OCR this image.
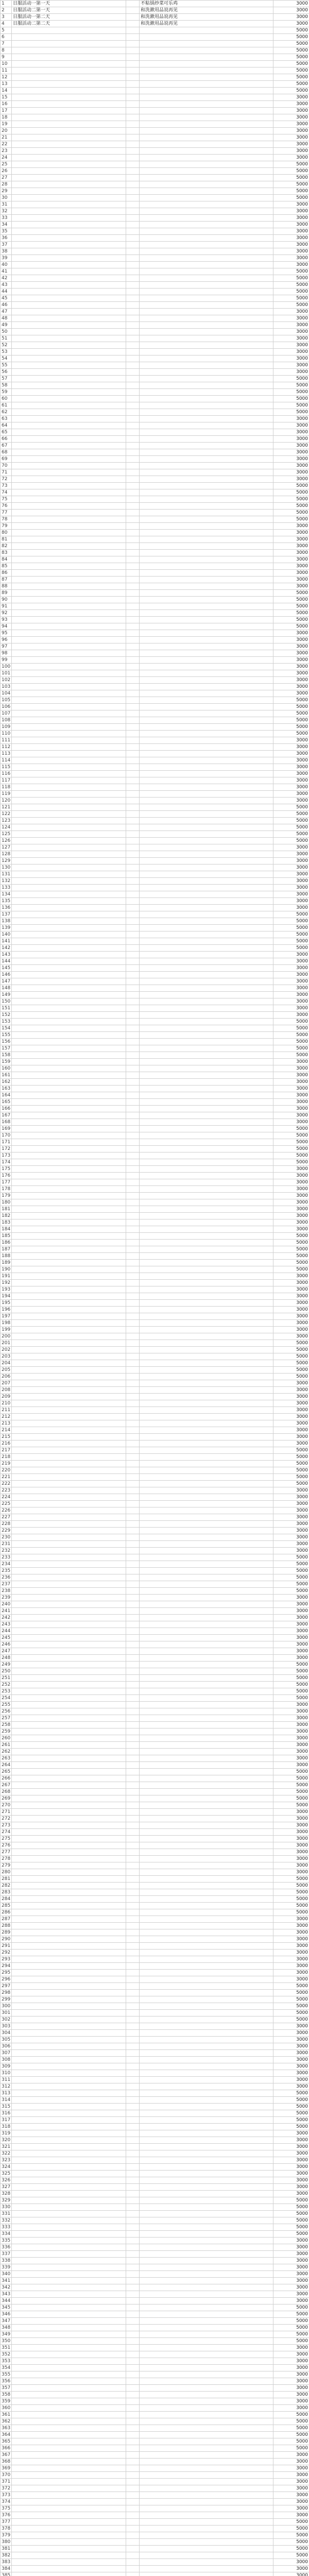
1	日服活动一第一天		不粘锅炒菜可乐鸡	3000
2	日服活动二第一天		和洗漱用品说再见	3000
3	日服活动一第二天		和洗漱用品说再见	3000
4	日服活动二第二天		和洗漱用品说再见	3000
5				5000
6				5000
7				5000
8				5000
9				5000
10				5000
11				5000
12				5000
13				5000
14				5000
15				3000
16				3000
17				3000
18				3000
19				3000
20				3000
21				3000
22				3000
23				3000
24				3000
25				5000
26				5000
27				5000
28				5000
29				5000
30				5000
31				3000
32				3000
33				3000
34				3000
35				3000
36				3000
37				3000
38				3000
39				3000
40				3000
41				5000
42				5000
43				5000
44				5000
45				5000
46				5000
47				3000
48				3000
49				3000
50				3000
51				3000
52				3000
53				3000
54				3000
55				3000
56				3000
57				5000
58				5000
59				5000
60				5000
61				5000
62				5000
63				3000
64				3000
65				3000
66				3000
67				3000
68				3000
69				3000
70				3000
71				3000
72				3000
73				5000
74				5000
75				5000
76				5000
77				5000
78				5000
79				3000
80				3000
81				3000
82				3000
83				3000
84				3000
85				3000
86				3000
87				3000
88				3000
89				5000
90				5000
91				5000
92				5000
93				5000
94				5000
95				3000
96				3000
97				3000
98				3000
99				3000
100				3000
101				3000
102				3000
103				3000
104				3000
105				5000
106				5000
107				5000
108				5000
109				5000
110				5000
111				3000
112				3000
113				3000
114				3000
115				3000
116				3000
117				3000
118				3000
119				3000
120				3000
121				5000
122				5000
123				5000
124				5000
125				5000
126				5000
127				3000
128				3000
129				3000
130				3000
131				3000
132				3000
133				3000
134				3000
135				3000
136				3000
137				5000
138				5000
139				5000
140				5000
141				5000
142				5000
143				3000
144				3000
145				3000
146				3000
147				3000
148				3000
149				3000
150				3000
151				3000
152				3000
153				5000
154				5000
155				5000
156				5000
157				5000
158				5000
159				3000
160				3000
161				3000
162				3000
163				3000
164				3000
165				3000
166				3000
167				3000
168				3000
169				5000
170				5000
171				5000
172				5000
173				5000
174				5000
175				3000
176				3000
177				3000
178				3000
179				3000
180				3000
181				3000
182				3000
183				3000
184				3000
185				5000
186				5000
187				5000
188				5000
189				5000
190				5000
191				3000
192				3000
193				3000
194				3000
195				3000
196				3000
197				3000
198				3000
199				3000
200				3000
201				5000
202				5000
203				5000
204				5000
205				5000
206				5000
207				3000
208				3000
209				3000
210				3000
211				3000
212				3000
213				3000
214				3000
215				3000
216				3000
217				5000
218				5000
219				5000
220				5000
221				5000
222				5000
223				3000
224				3000
225				3000
226				3000
227				3000
228				3000
229				3000
230				3000
231				3000
232				3000
233				5000
234				5000
235				5000
236				5000
237				5000
238				5000
239				3000
240				3000
241				3000
242				3000
243				3000
244				3000
245				3000
246				3000
247				3000
248				3000
249				5000
250				5000
251				5000
252				5000
253				5000
254				5000
255				3000
256				3000
257				3000
258				3000
259				3000
260				3000
261				3000
262				3000
263				3000
264				3000
265				5000
266				5000
267				5000
268				5000
269				5000
270				5000
271				3000
272				3000
273				3000
274				3000
275				3000
276				3000
277				3000
278				3000
279				3000
280				3000
281				5000
282				5000
283				5000
284				5000
285				5000
286				5000
287				3000
288				3000
289				3000
290				3000
291				3000
292				3000
293				3000
294				3000
295				3000
296				3000
297				5000
298				5000
299				5000
300				5000
301				5000
302				5000
303				3000
304				3000
305				3000
306				3000
307				3000
308				3000
309				3000
310				3000
311				3000
312				3000
313				5000
314				5000
315				5000
316				5000
317				5000
318				5000
319				3000
320				3000
321				3000
322				3000
323				3000
324				3000
325				3000
326				3000
327				3000
328				3000
329				5000
330				5000
331				5000
332				5000
333				5000
334				5000
335				3000
336				3000
337				3000
338				3000
339				3000
340				3000
341				3000
342				3000
343				3000
344				3000
345				5000
346				5000
347				5000
348				5000
349				5000
350				5000
351				3000
352				3000
353				3000
354				3000
355				3000
356				3000
357				3000
358				3000
359				3000
360				3000
361				5000
362				5000
363				5000
364				5000
365				5000
366				5000
367				3000
368				3000
369				3000
370				3000
371				3000
372				3000
373				3000
374				3000
375				3000
376				3000
377				5000
378				5000
379				5000
380				5000
381				5000
382				5000
383				3000
384				3000
385				3000
